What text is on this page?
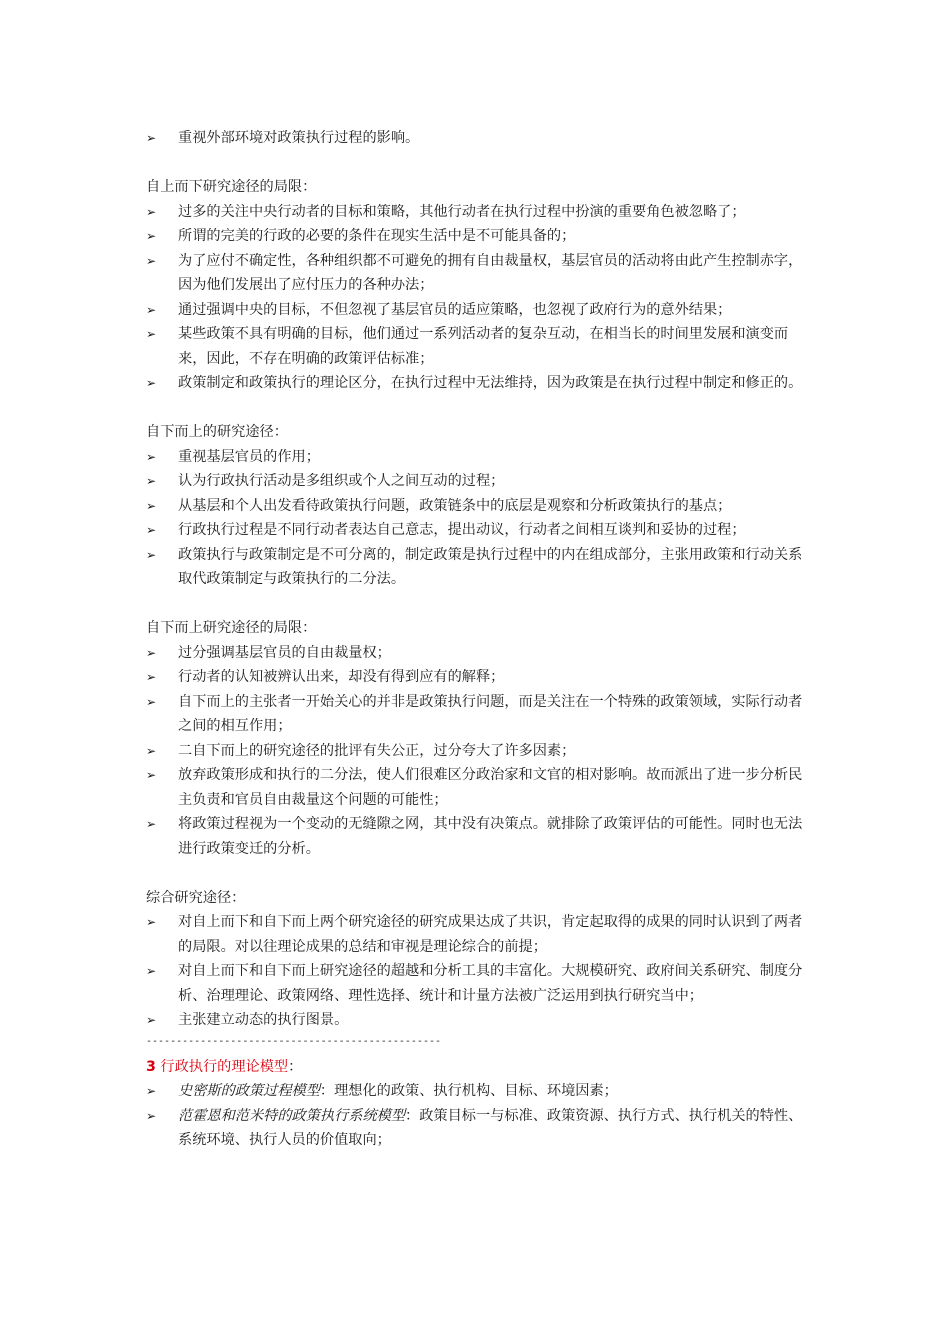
➢ 重视外部环境对政策执行过程的影响。

自上而下研究途径的局限：

➢ 过多的关注中央行动者的目标和策略，其他行动者在执行过程中扮演的重要角色被忽略了；
➢ 所谓的完美的行政的必要的条件在现实生活中是不可能具备的；
➢ 为了应付不确定性，各种组织都不可避免的拥有自由裁量权，基层官员的活动将由此产生控制赤字，因为他们发展出了应付压力的各种办法；
➢ 通过强调中央的目标，不但忽视了基层官员的适应策略，也忽视了政府行为的意外结果；
➢ 某些政策不具有明确的目标，他们通过一系列活动者的复杂互动，在相当长的时间里发展和演变而来，因此，不存在明确的政策评估标准；
➢ 政策制定和政策执行的理论区分，在执行过程中无法维持，因为政策是在执行过程中制定和修正的。

自下而上的研究途径：

➢ 重视基层官员的作用；
➢ 认为行政执行活动是多组织或个人之间互动的过程；
➢ 从基层和个人出发看待政策执行问题，政策链条中的底层是观察和分析政策执行的基点；
➢ 行政执行过程是不同行动者表达自己意志，提出动议，行动者之间相互谈判和妥协的过程；
➢ 政策执行与政策制定是不可分离的，制定政策是执行过程中的内在组成部分，主张用政策和行动关系取代政策制定与政策执行的二分法。

自下而上研究途径的局限：

➢ 过分强调基层官员的自由裁量权；
➢ 行动者的认知被辨认出来，却没有得到应有的解释；
➢ 自下而上的主张者一开始关心的并非是政策执行问题，而是关注在一个特殊的政策领域，实际行动者之间的相互作用；
➢ 二自下而上的研究途径的批评有失公正，过分夸大了许多因素；
➢ 放弃政策形成和执行的二分法，使人们很难区分政治家和文官的相对影响。故而派出了进一步分析民主负责和官员自由裁量这个问题的可能性；
➢ 将政策过程视为一个变动的无缝隙之网，其中没有决策点。就排除了政策评估的可能性。同时也无法进行政策变迁的分析。

综合研究途径：

➢ 对自上而下和自下而上两个研究途径的研究成果达成了共识，肯定起取得的成果的同时认识到了两者的局限。对以往理论成果的总结和审视是理论综合的前提；
➢ 对自上而下和自下而上研究途径的超越和分析工具的丰富化。大规模研究、政府间关系研究、制度分析、治理理论、政策网络、理性选择、统计和计量方法被广泛运用到执行研究当中；
➢ 主张建立动态的执行图景。
-------------------------------------------------

3 行政执行的理论模型：

➢ 史密斯的政策过程模型：理想化的政策、执行机构、目标、环境因素；
➢ 范霍恩和范米特的政策执行系统模型：政策目标一与标准、政策资源、执行方式、执行机关的特性、系统环境、执行人员的价值取向；
